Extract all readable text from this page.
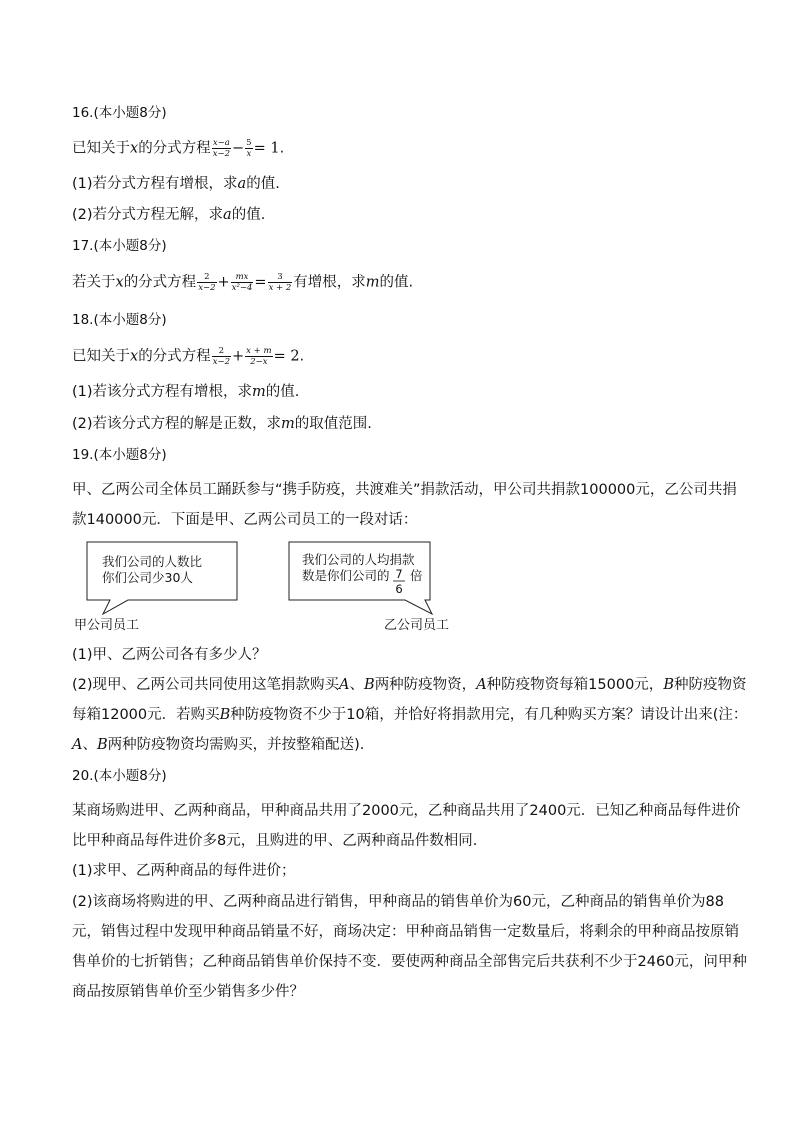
16.(本小题8分)
已知关于x的分式方程 $\frac{x-a}{x-2} - \frac{5}{x} = 1$.
(1)若分式方程有增根，求a的值.
(2)若分式方程无解，求a的值.
17.(本小题8分)
若关于x的分式方程 $\frac{2}{x-2} + \frac{mx}{\text{x²−4}} = \frac{3}{x + 2}$ 有增根，求m的值.
18.(本小题8分)
已知关于x的分式方程 $\frac{2}{x-2} + \frac{x + m}{2-x} = 2$.
(1)若该分式方程有增根，求m的值.
(2)若该分式方程的解是正数，求m的取值范围.
19.(本小题8分)
甲、乙两公司全体员工踊跃参与“携手防疫，共渡难关”捐款活动，甲公司共捐款100000元，乙公司共捐
款140000元．下面是甲、乙两公司员工的一段对话：
我们公司的人数比
你们公司少30人
甲公司员工
我们公司的人均捐款
数是你们公司的 7
6
倍
乙公司员工
(1)甲、乙两公司各有多少人？
(2)现甲、乙两公司共同使用这笔捐款购买A、B两种防疫物资，A种防疫物资每箱15000元，B种防疫物资
每箱12000元．若购买B种防疫物资不少于10箱，并恰好将捐款用完，有几种购买方案？请设计出来(注：
A、B两种防疫物资均需购买，并按整箱配送).
20.(本小题8分)
某商场购进甲、乙两种商品，甲种商品共用了2000元，乙种商品共用了2400元．已知乙种商品每件进价
比甲种商品每件进价多8元，且购进的甲、乙两种商品件数相同.
(1)求甲、乙两种商品的每件进价；
(2)该商场将购进的甲、乙两种商品进行销售，甲种商品的销售单价为60元，乙种商品的销售单价为88
元，销售过程中发现甲种商品销量不好，商场决定：甲种商品销售一定数量后，将剩余的甲种商品按原销
售单价的七折销售；乙种商品销售单价保持不变．要使两种商品全部售完后共获利不少于2460元，问甲种
商品按原销售单价至少销售多少件？
